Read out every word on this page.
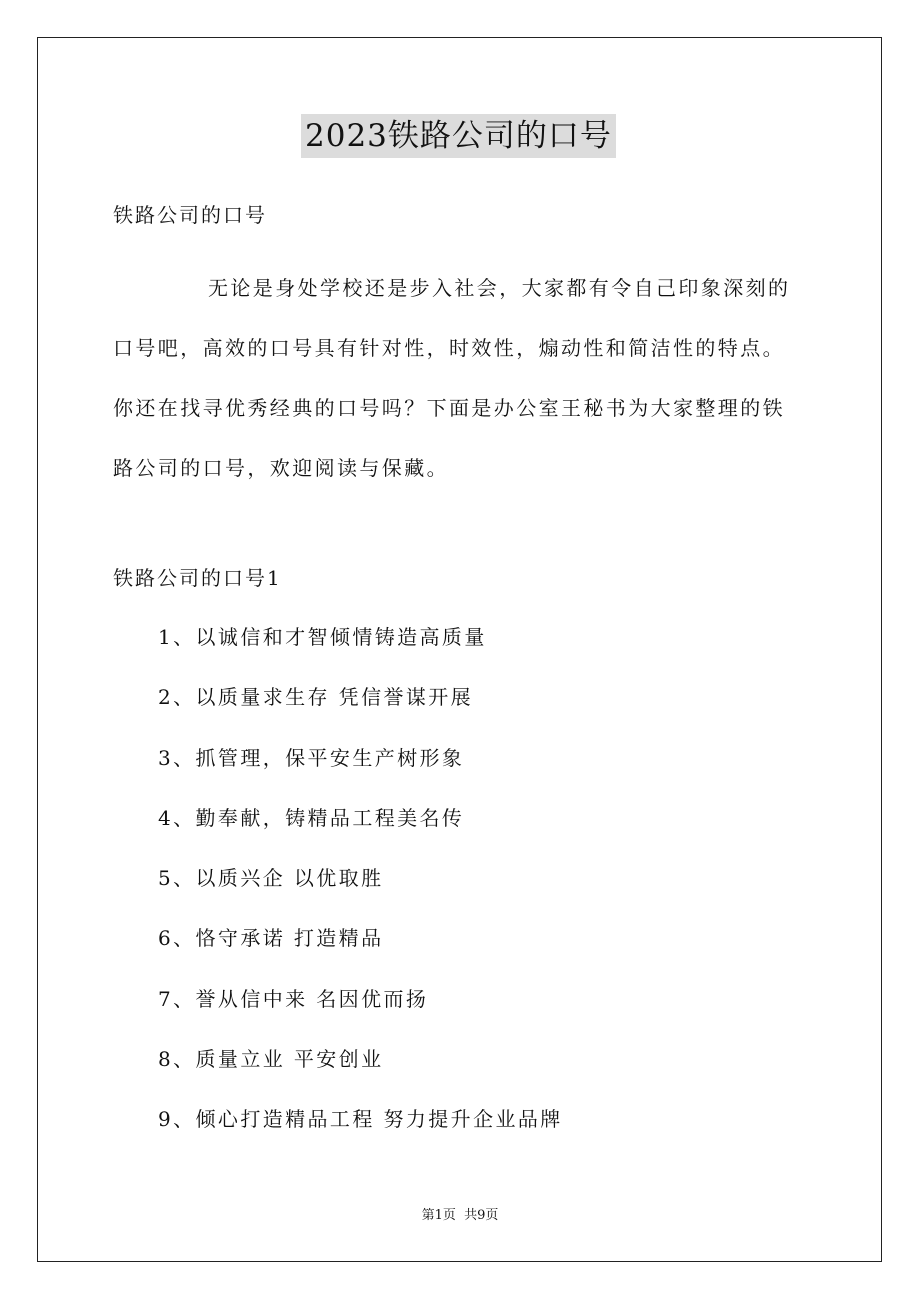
2023铁路公司的口号
铁路公司的口号
无论是身处学校还是步入社会，大家都有令自己印象深刻的
口号吧，高效的口号具有针对性，时效性，煽动性和简洁性的特点。
你还在找寻优秀经典的口号吗？下面是办公室王秘书为大家整理的铁
路公司的口号，欢迎阅读与保藏。
铁路公司的口号1
1、以诚信和才智倾情铸造高质量
2、以质量求生存 凭信誉谋开展
3、抓管理，保平安生产树形象
4、勤奉献，铸精品工程美名传
5、以质兴企 以优取胜
6、恪守承诺 打造精品
7、誉从信中来 名因优而扬
8、质量立业 平安创业
9、倾心打造精品工程 努力提升企业品牌
第1页  共9页
